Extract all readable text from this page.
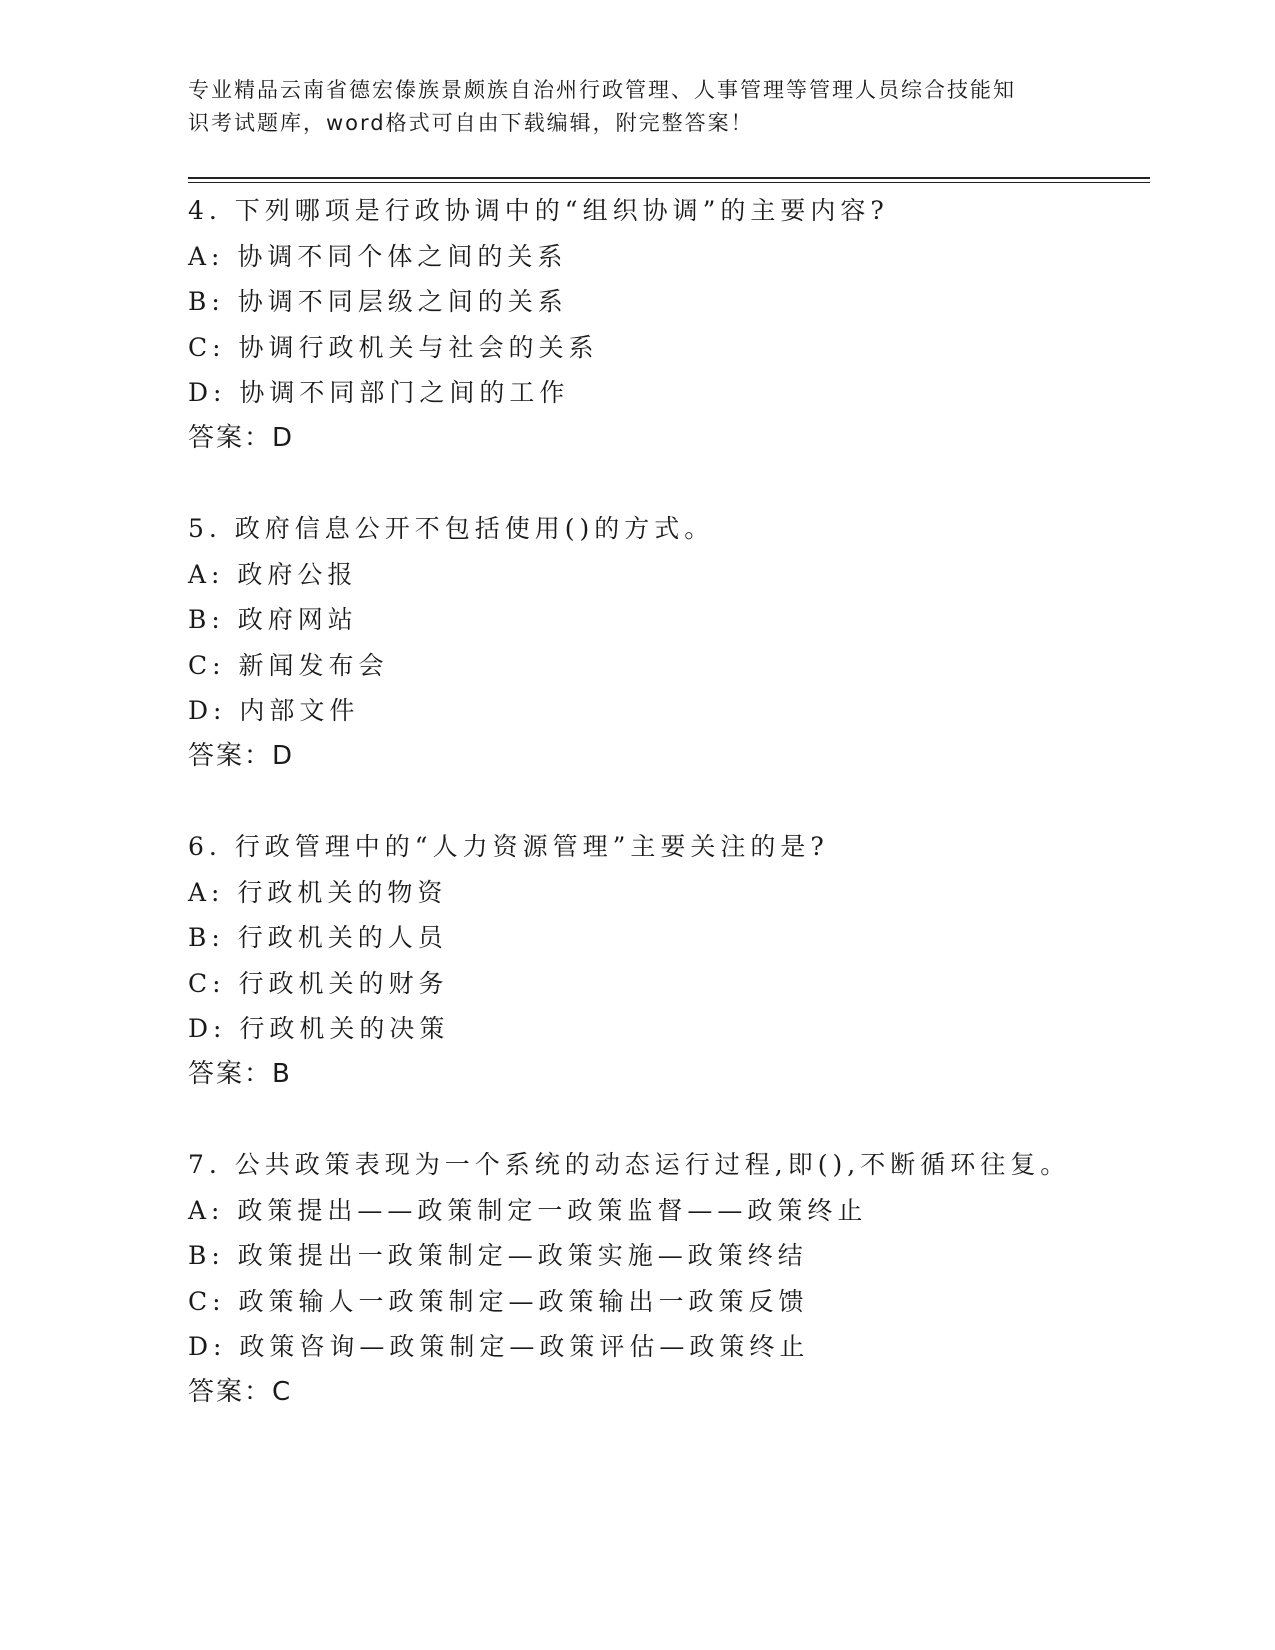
专业精品云南省德宏傣族景颇族自治州行政管理、人事管理等管理人员综合技能知
识考试题库，word格式可自由下载编辑，附完整答案！
4. 下列哪项是行政协调中的“组织协调”的主要内容?
A: 协调不同个体之间的关系
B: 协调不同层级之间的关系
C: 协调行政机关与社会的关系
D: 协调不同部门之间的工作
答案：D
5. 政府信息公开不包括使用()的方式。
A: 政府公报
B: 政府网站
C: 新闻发布会
D: 内部文件
答案：D
6. 行政管理中的“人力资源管理”主要关注的是?
A: 行政机关的物资
B: 行政机关的人员
C: 行政机关的财务
D: 行政机关的决策
答案：B
7. 公共政策表现为一个系统的动态运行过程,即(),不断循环往复。
A: 政策提出——政策制定一政策监督——政策终止
B: 政策提出一政策制定—政策实施—政策终结
C: 政策输人一政策制定—政策输出一政策反馈
D: 政策咨询—政策制定—政策评估—政策终止
答案：C
